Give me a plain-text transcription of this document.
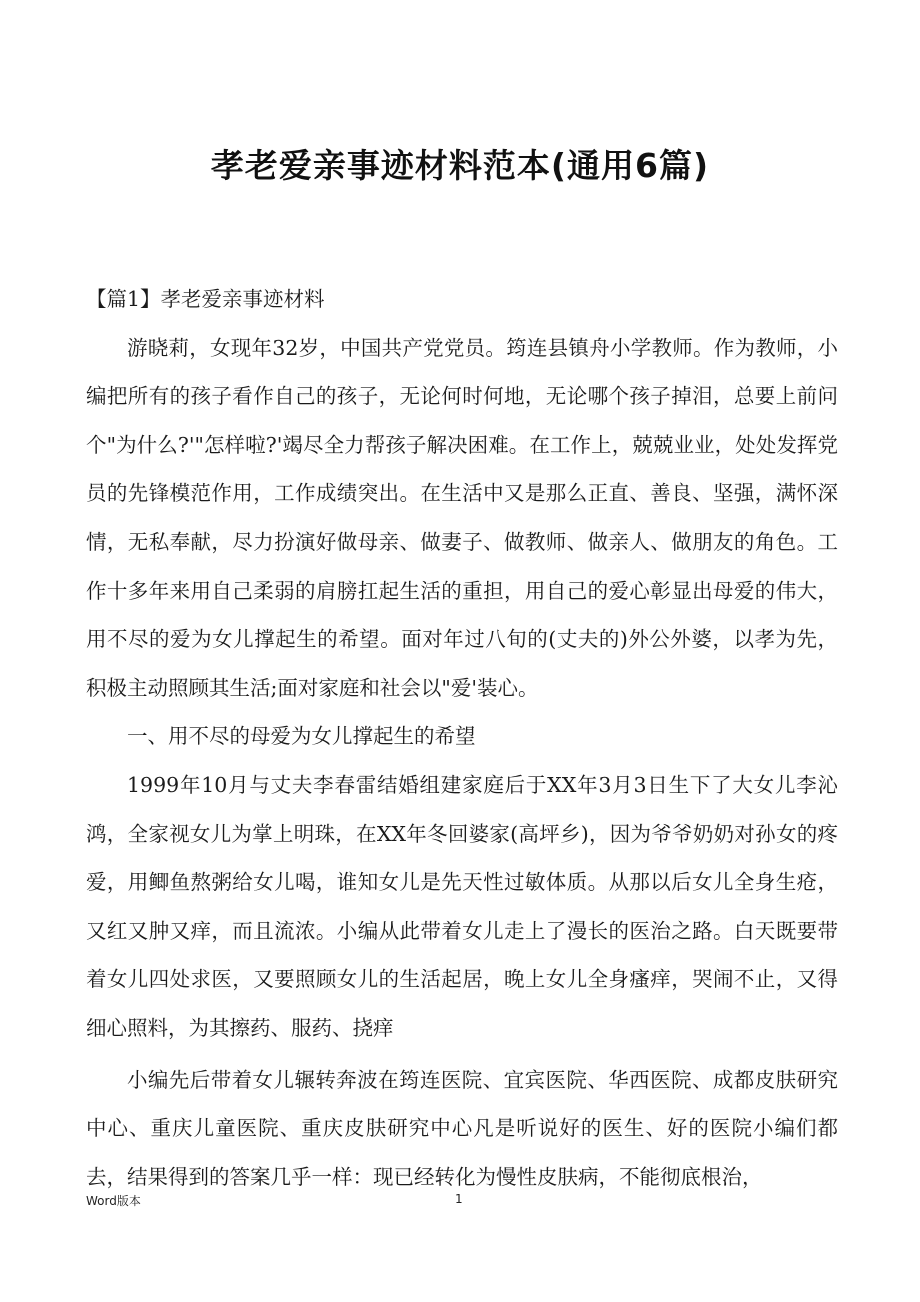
孝老爱亲事迹材料范本(通用6篇)

【篇1】孝老爱亲事迹材料

游晓莉，女现年32岁，中国共产党党员。筠连县镇舟小学教师。作为教师，小编把所有的孩子看作自己的孩子，无论何时何地，无论哪个孩子掉泪，总要上前问个"为什么?'"怎样啦?'竭尽全力帮孩子解决困难。在工作上，兢兢业业，处处发挥党员的先锋模范作用，工作成绩突出。在生活中又是那么正直、善良、坚强，满怀深情，无私奉献，尽力扮演好做母亲、做妻子、做教师、做亲人、做朋友的角色。工作十多年来用自己柔弱的肩膀扛起生活的重担，用自己的爱心彰显出母爱的伟大，用不尽的爱为女儿撑起生的希望。面对年过八旬的(丈夫的)外公外婆，以孝为先，积极主动照顾其生活;面对家庭和社会以"爱'装心。

一、用不尽的母爱为女儿撑起生的希望

1999年10月与丈夫李春雷结婚组建家庭后于XX年3月3日生下了大女儿李沁鸿，全家视女儿为掌上明珠，在XX年冬回婆家(高坪乡)，因为爷爷奶奶对孙女的疼爱，用鲫鱼熬粥给女儿喝，谁知女儿是先天性过敏体质。从那以后女儿全身生疮，又红又肿又痒，而且流浓。小编从此带着女儿走上了漫长的医治之路。白天既要带着女儿四处求医，又要照顾女儿的生活起居，晚上女儿全身瘙痒，哭闹不止，又得细心照料，为其擦药、服药、挠痒

小编先后带着女儿辗转奔波在筠连医院、宜宾医院、华西医院、成都皮肤研究中心、重庆儿童医院、重庆皮肤研究中心凡是听说好的医生、好的医院小编们都去，结果得到的答案几乎一样：现已经转化为慢性皮肤病，不能彻底根治，

Word版本	1
